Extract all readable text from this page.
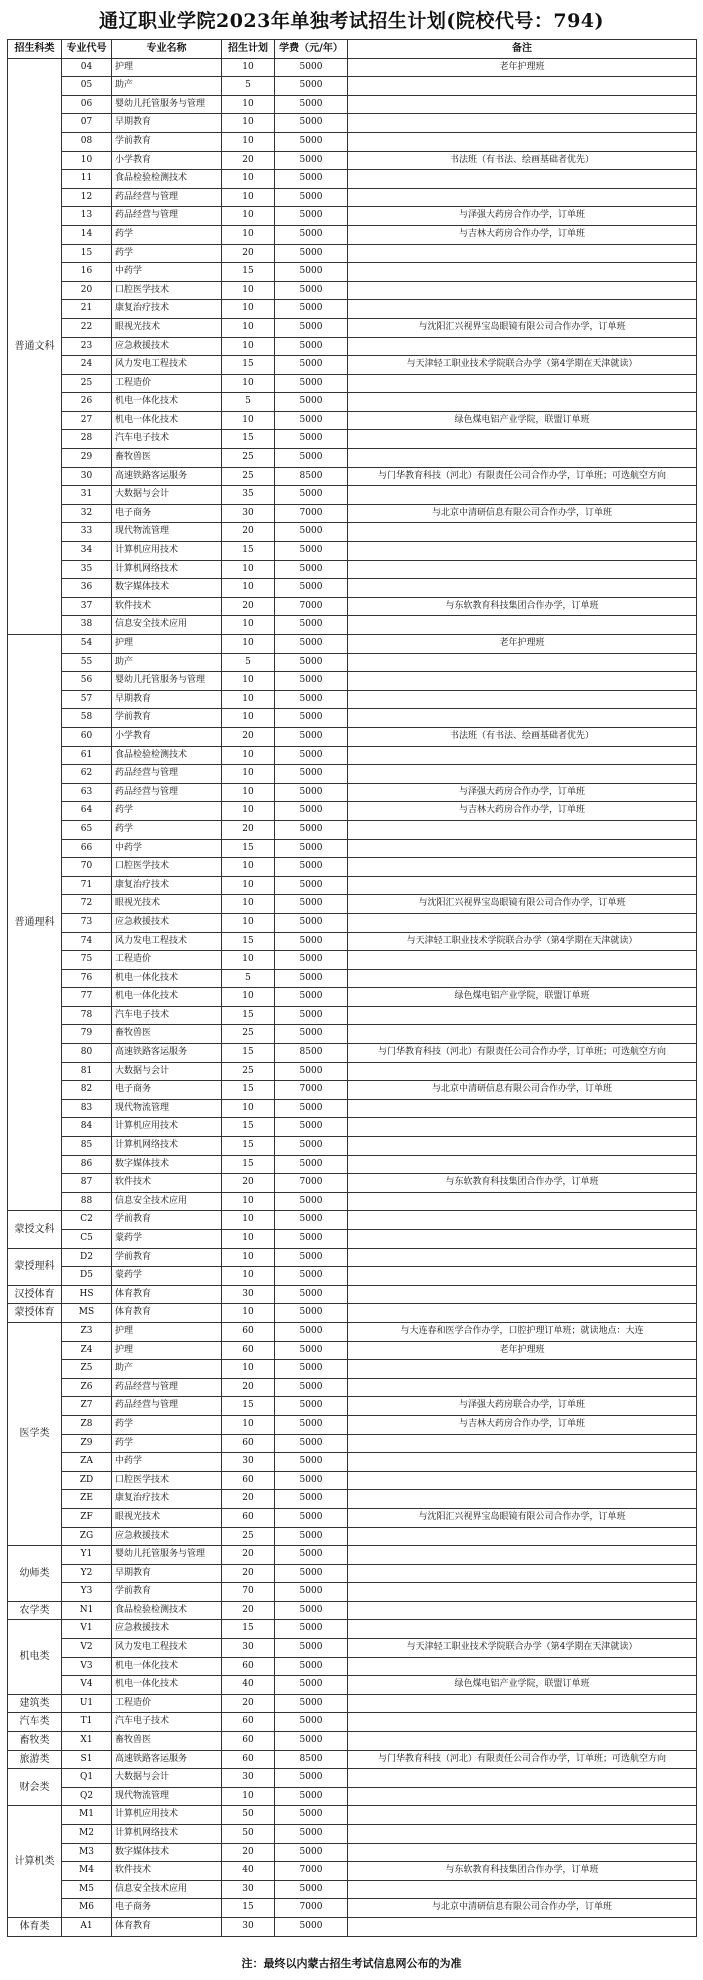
通辽职业学院2023年单独考试招生计划(院校代号：794)
招生科类	专业代号	专业名称	招生计划	学费（元/年）	备注
普通文科	04	护理	10	5000	老年护理班
	05	助产	5	5000	
	06	婴幼儿托管服务与管理	10	5000	
	07	早期教育	10	5000	
	08	学前教育	10	5000	
	10	小学教育	20	5000	书法班（有书法、绘画基础者优先）
	11	食品检验检测技术	10	5000	
	12	药品经营与管理	10	5000	
	13	药品经营与管理	10	5000	与泽强大药房合作办学，订单班
	14	药学	10	5000	与吉林大药房合作办学，订单班
	15	药学	20	5000	
	16	中药学	15	5000	
	20	口腔医学技术	10	5000	
	21	康复治疗技术	10	5000	
	22	眼视光技术	10	5000	与沈阳汇兴视界宝岛眼镜有限公司合作办学，订单班
	23	应急救援技术	10	5000	
	24	风力发电工程技术	15	5000	与天津轻工职业技术学院联合办学（第4学期在天津就读）
	25	工程造价	10	5000	
	26	机电一体化技术	5	5000	
	27	机电一体化技术	10	5000	绿色煤电铝产业学院，联盟订单班
	28	汽车电子技术	15	5000	
	29	畜牧兽医	25	5000	
	30	高速铁路客运服务	25	8500	与门华教育科技（河北）有限责任公司合作办学，订单班；可选航空方向
	31	大数据与会计	35	5000	
	32	电子商务	30	7000	与北京中清研信息有限公司合作办学，订单班
	33	现代物流管理	20	5000	
	34	计算机应用技术	15	5000	
	35	计算机网络技术	10	5000	
	36	数字媒体技术	10	5000	
	37	软件技术	20	7000	与东软教育科技集团合作办学，订单班
	38	信息安全技术应用	10	5000	
普通理科	54	护理	10	5000	老年护理班
	55	助产	5	5000	
	56	婴幼儿托管服务与管理	10	5000	
	57	早期教育	10	5000	
	58	学前教育	10	5000	
	60	小学教育	20	5000	书法班（有书法、绘画基础者优先）
	61	食品检验检测技术	10	5000	
	62	药品经营与管理	10	5000	
	63	药品经营与管理	10	5000	与泽强大药房合作办学，订单班
	64	药学	10	5000	与吉林大药房合作办学，订单班
	65	药学	20	5000	
	66	中药学	15	5000	
	70	口腔医学技术	10	5000	
	71	康复治疗技术	10	5000	
	72	眼视光技术	10	5000	与沈阳汇兴视界宝岛眼镜有限公司合作办学，订单班
	73	应急救援技术	10	5000	
	74	风力发电工程技术	15	5000	与天津轻工职业技术学院联合办学（第4学期在天津就读）
	75	工程造价	10	5000	
	76	机电一体化技术	5	5000	
	77	机电一体化技术	10	5000	绿色煤电铝产业学院，联盟订单班
	78	汽车电子技术	15	5000	
	79	畜牧兽医	25	5000	
	80	高速铁路客运服务	15	8500	与门华教育科技（河北）有限责任公司合作办学，订单班；可选航空方向
	81	大数据与会计	25	5000	
	82	电子商务	15	7000	与北京中清研信息有限公司合作办学，订单班
	83	现代物流管理	10	5000	
	84	计算机应用技术	15	5000	
	85	计算机网络技术	15	5000	
	86	数字媒体技术	15	5000	
	87	软件技术	20	7000	与东软教育科技集团合作办学，订单班
	88	信息安全技术应用	10	5000	
蒙授文科	C2	学前教育	10	5000	
	C5	蒙药学	10	5000	
蒙授理科	D2	学前教育	10	5000	
	D5	蒙药学	10	5000	
汉授体育	HS	体育教育	30	5000	
蒙授体育	MS	体育教育	10	5000	
医学类	Z3	护理	60	5000	与大连春和医学合作办学，口腔护理订单班；就读地点：大连
	Z4	护理	60	5000	老年护理班
	Z5	助产	10	5000	
	Z6	药品经营与管理	20	5000	
	Z7	药品经营与管理	15	5000	与泽强大药房联合办学，订单班
	Z8	药学	10	5000	与吉林大药房合作办学，订单班
	Z9	药学	60	5000	
	ZA	中药学	30	5000	
	ZD	口腔医学技术	60	5000	
	ZE	康复治疗技术	20	5000	
	ZF	眼视光技术	60	5000	与沈阳汇兴视界宝岛眼镜有限公司合作办学，订单班
	ZG	应急救援技术	25	5000	
幼师类	Y1	婴幼儿托管服务与管理	20	5000	
	Y2	早期教育	20	5000	
	Y3	学前教育	70	5000	
农学类	N1	食品检验检测技术	20	5000	
机电类	V1	应急救援技术	15	5000	
	V2	风力发电工程技术	30	5000	与天津轻工职业技术学院联合办学（第4学期在天津就读）
	V3	机电一体化技术	60	5000	
	V4	机电一体化技术	40	5000	绿色煤电铝产业学院，联盟订单班
建筑类	U1	工程造价	20	5000	
汽车类	T1	汽车电子技术	60	5000	
畜牧类	X1	畜牧兽医	60	5000	
旅游类	S1	高速铁路客运服务	60	8500	与门华教育科技（河北）有限责任公司合作办学，订单班；可选航空方向
财会类	Q1	大数据与会计	30	5000	
	Q2	现代物流管理	10	5000	
计算机类	M1	计算机应用技术	50	5000	
	M2	计算机网络技术	50	5000	
	M3	数字媒体技术	20	5000	
	M4	软件技术	40	7000	与东软教育科技集团合作办学，订单班
	M5	信息安全技术应用	30	5000	
	M6	电子商务	15	7000	与北京中清研信息有限公司合作办学，订单班
体育类	A1	体育教育	30	5000	
注：最终以内蒙古招生考试信息网公布的为准
